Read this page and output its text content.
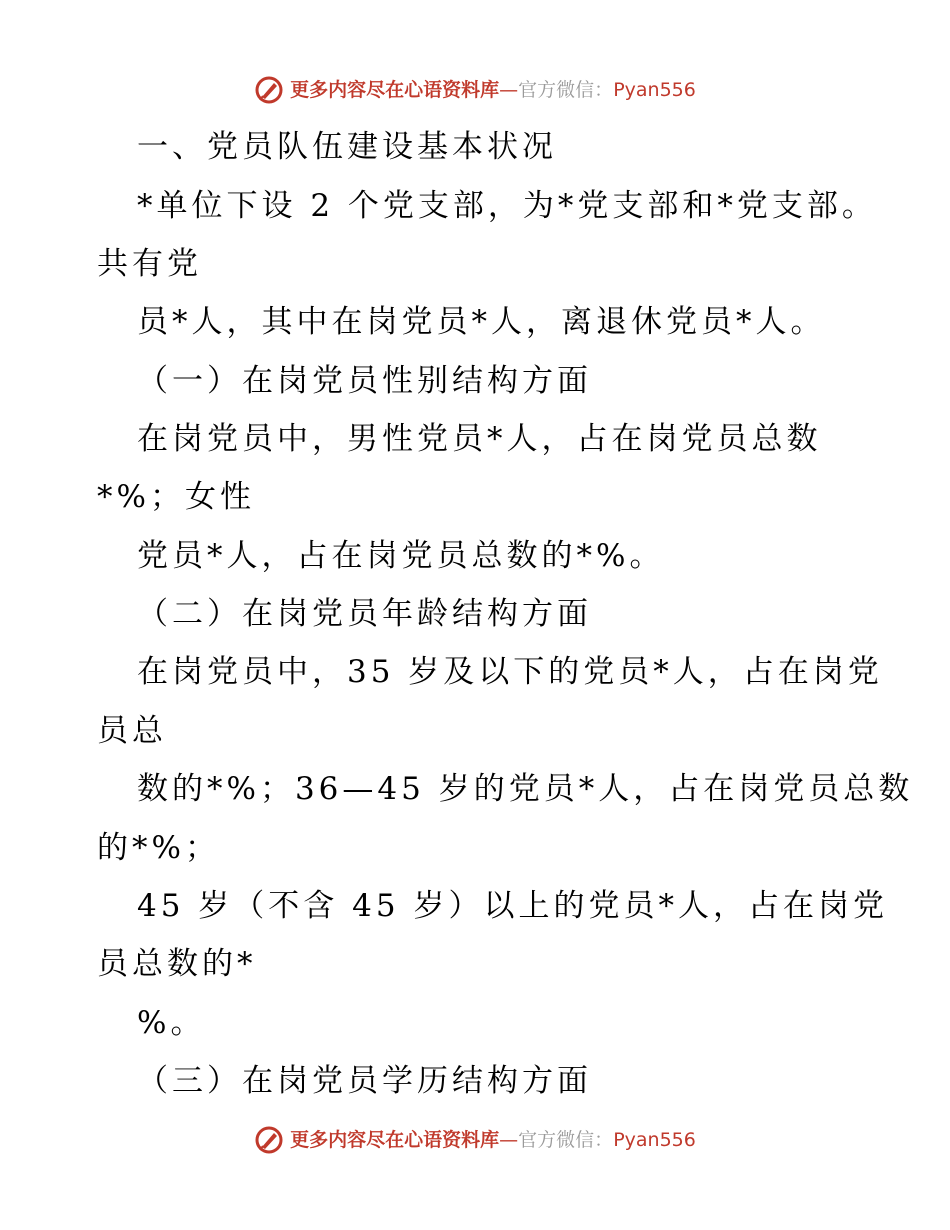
更多内容尽在心语资料库—官方微信：Pyan556
一、党员队伍建设基本状况
*单位下设 2 个党支部，为*党支部和*党支部。
共有党
员*人，其中在岗党员*人，离退休党员*人。
（一）在岗党员性别结构方面
在岗党员中，男性党员*人，占在岗党员总数
*%；女性
党员*人，占在岗党员总数的*%。
（二）在岗党员年龄结构方面
在岗党员中，35 岁及以下的党员*人，占在岗党
员总
数的*%；36—45 岁的党员*人，占在岗党员总数
的*%；
45 岁（不含 45 岁）以上的党员*人，占在岗党
员总数的*
%。
（三）在岗党员学历结构方面
更多内容尽在心语资料库—官方微信：Pyan556
